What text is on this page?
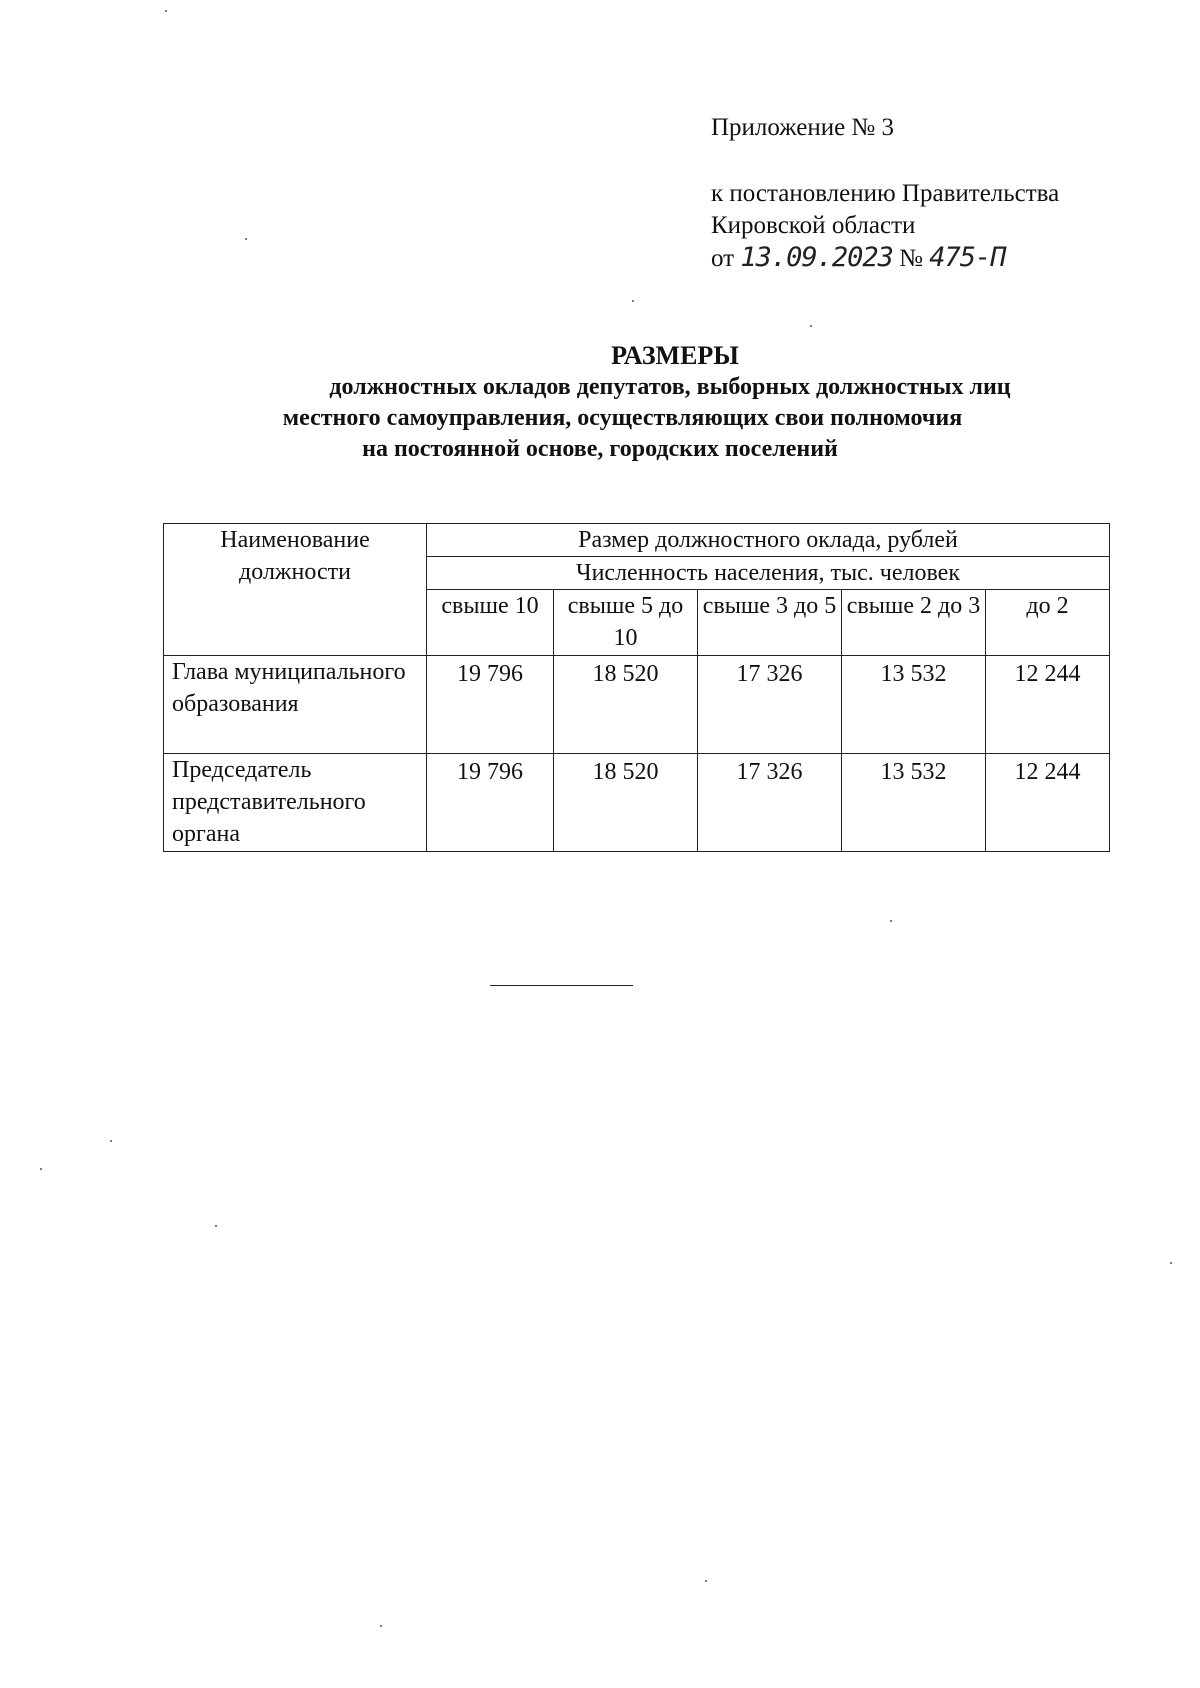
Приложение № 3
к постановлению Правительства
Кировской области
от 13.09.2023 № 475-П
РАЗМЕРЫ
должностных окладов депутатов, выборных должностных лиц
местного самоуправления, осуществляющих свои полномочия
на постоянной основе, городских поселений
Наименование должности	Размер должностного оклада, рублей				
	Численность населения, тыс. человек				
	свыше 10	свыше 5 до 10	свыше 3 до 5	свыше 2 до 3	до 2
Глава муниципального образования	19 796	18 520	17 326	13 532	12 244
Председатель представительного органа	19 796	18 520	17 326	13 532	12 244
